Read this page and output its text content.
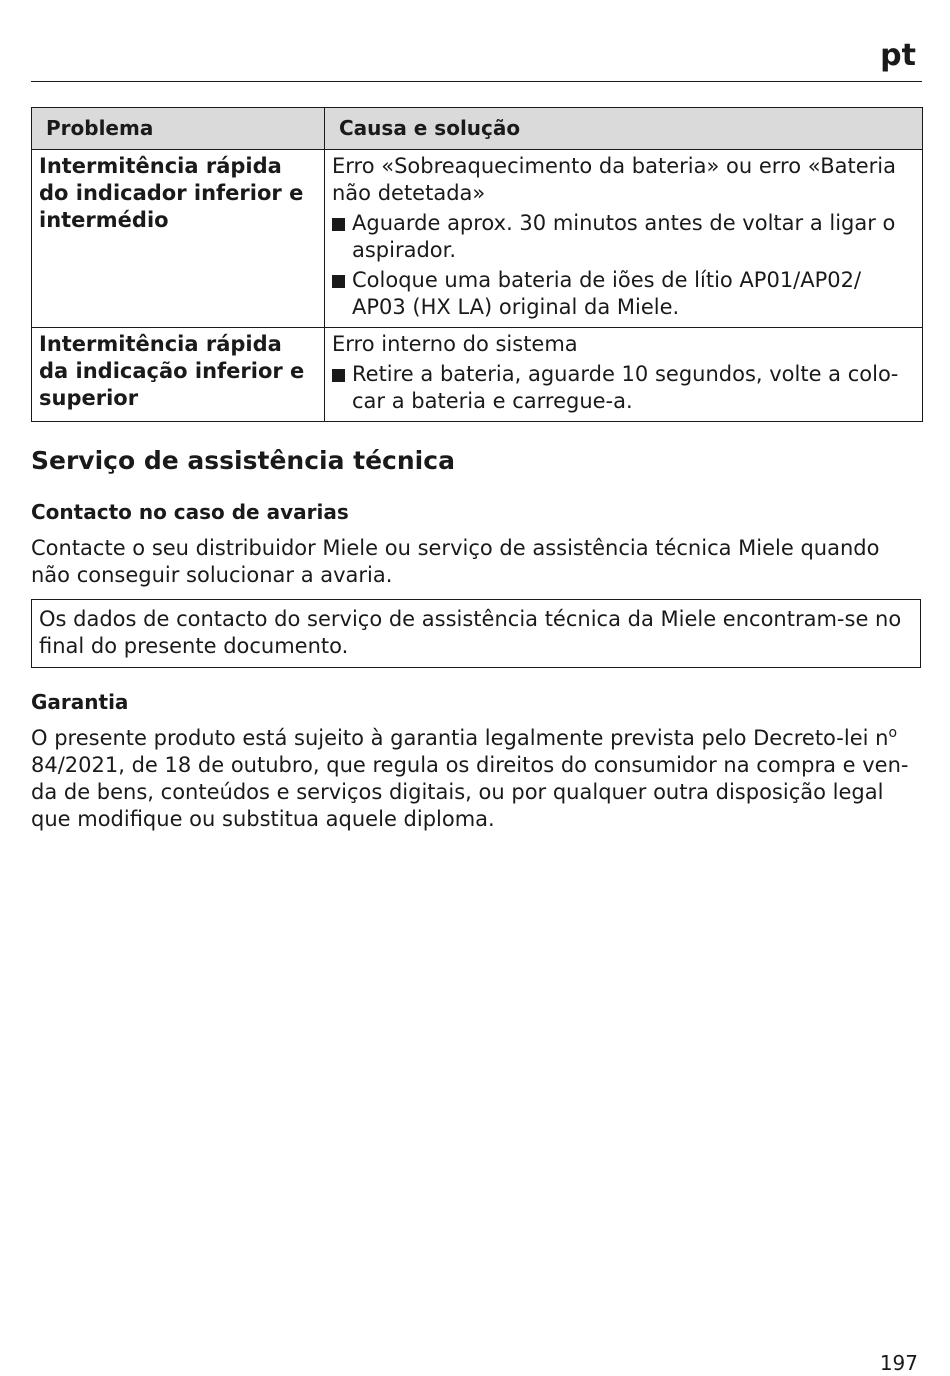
pt
Problema	Causa e solução
Intermitência rápida do indicador inferior e intermédio	Erro «Sobreaquecimento da bateria» ou erro «Bateria não detetada»
Aguarde aprox. 30 minutos antes de voltar a ligar o aspirador.
Coloque uma bateria de iões de lítio AP01/AP02/​AP03 (HX LA) original da Miele.

Intermitência rápida da indicação inferior e superior	Erro interno do sistema
Retire a bateria, aguarde 10 segundos, volte a colocar a bateria e carregue-a.
Serviço de assistência técnica
Contacto no caso de avarias

Contacte o seu distribuidor Miele ou serviço de assistência técnica Miele quando não conseguir solucionar a avaria.

Os dados de contacto do serviço de assistência técnica da Miele encontram-se no final do presente documento.
Garantia

O presente produto está sujeito à garantia legalmente prevista pelo Decreto-lei $n^o$ 84/2021, de 18 de outubro, que regula os direitos do consumidor na compra e venda de bens, conteúdos e serviços digitais, ou por qualquer outra disposição legal que modifique ou substitua aquele diploma.

197
